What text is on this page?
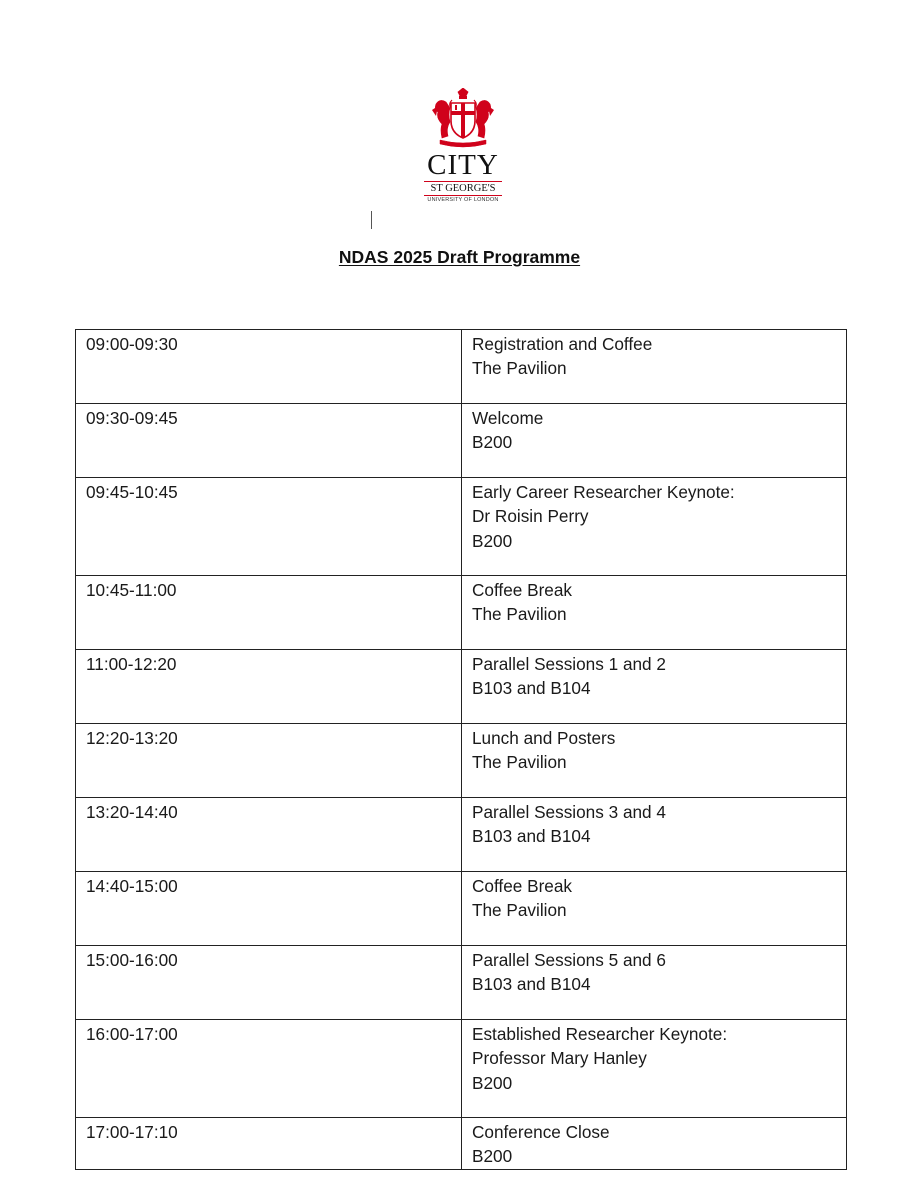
CITY
ST GEORGE'S
UNIVERSITY OF LONDON
NDAS 2025 Draft Programme
09:00-09:30	Registration and Coffee
The Pavilion

09:30-09:45	Welcome
B200

09:45-10:45	Early Career Researcher Keynote:
Dr Roisin Perry
B200

10:45-11:00	Coffee Break
The Pavilion

11:00-12:20	Parallel Sessions 1 and 2
B103 and B104

12:20-13:20	Lunch and Posters
The Pavilion

13:20-14:40	Parallel Sessions 3 and 4
B103 and B104

14:40-15:00	Coffee Break
The Pavilion

15:00-16:00	Parallel Sessions 5 and 6
B103 and B104

16:00-17:00	Established Researcher Keynote:
Professor Mary Hanley
B200

17:00-17:10	Conference Close
B200
